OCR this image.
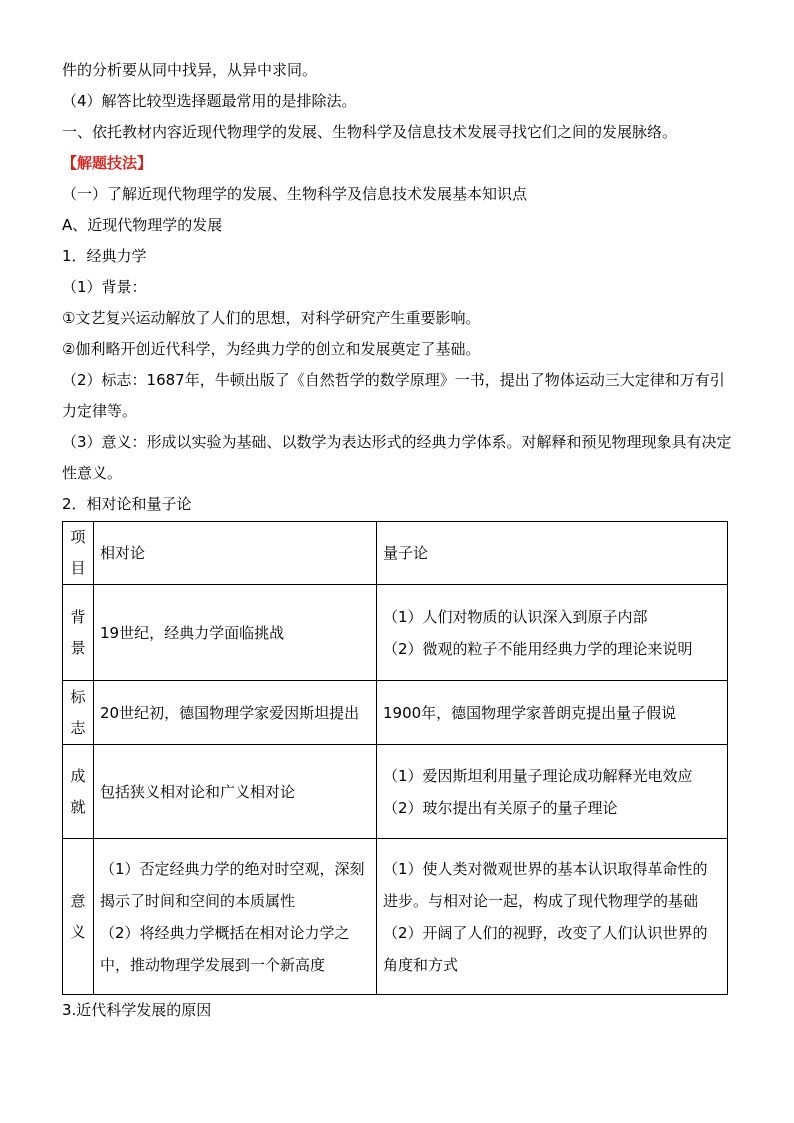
件的分析要从同中找异，从异中求同。

（4）解答比较型选择题最常用的是排除法。

一、依托教材内容近现代物理学的发展、生物科学及信息技术发展寻找它们之间的发展脉络。

【解题技法】

（一）了解近现代物理学的发展、生物科学及信息技术发展基本知识点

A、近现代物理学的发展

1．经典力学

（1）背景：

①文艺复兴运动解放了人们的思想，对科学研究产生重要影响。

②伽利略开创近代科学，为经典力学的创立和发展奠定了基础。

（2）标志：1687年，牛顿出版了《自然哲学的数学原理》一书，提出了物体运动三大定律和万有引力定律等。

（3）意义：形成以实验为基础、以数学为表达形式的经典力学体系。对解释和预见物理现象具有决定性意义。

2．相对论和量子论

项目	相对论	量子论
背景	19世纪，经典力学面临挑战	（1）人们对物质的认识深入到原子内部
（2）微观的粒子不能用经典力学的理论来说明

标志	20世纪初，德国物理学家爱因斯坦提出	1900年，德国物理学家普朗克提出量子假说

成就	包括狭义相对论和广义相对论	（1）爱因斯坦利用量子理论成功解释光电效应
（2）玻尔提出有关原子的量子理论

意义	（1）否定经典力学的绝对时空观，深刻揭示了时间和空间的本质属性
（2）将经典力学概括在相对论力学之中，推动物理学发展到一个新高度	（1）使人类对微观世界的基本认识取得革命性的进步。与相对论一起，构成了现代物理学的基础
（2）开阔了人们的视野，改变了人们认识世界的角度和方式

3.近代科学发展的原因
